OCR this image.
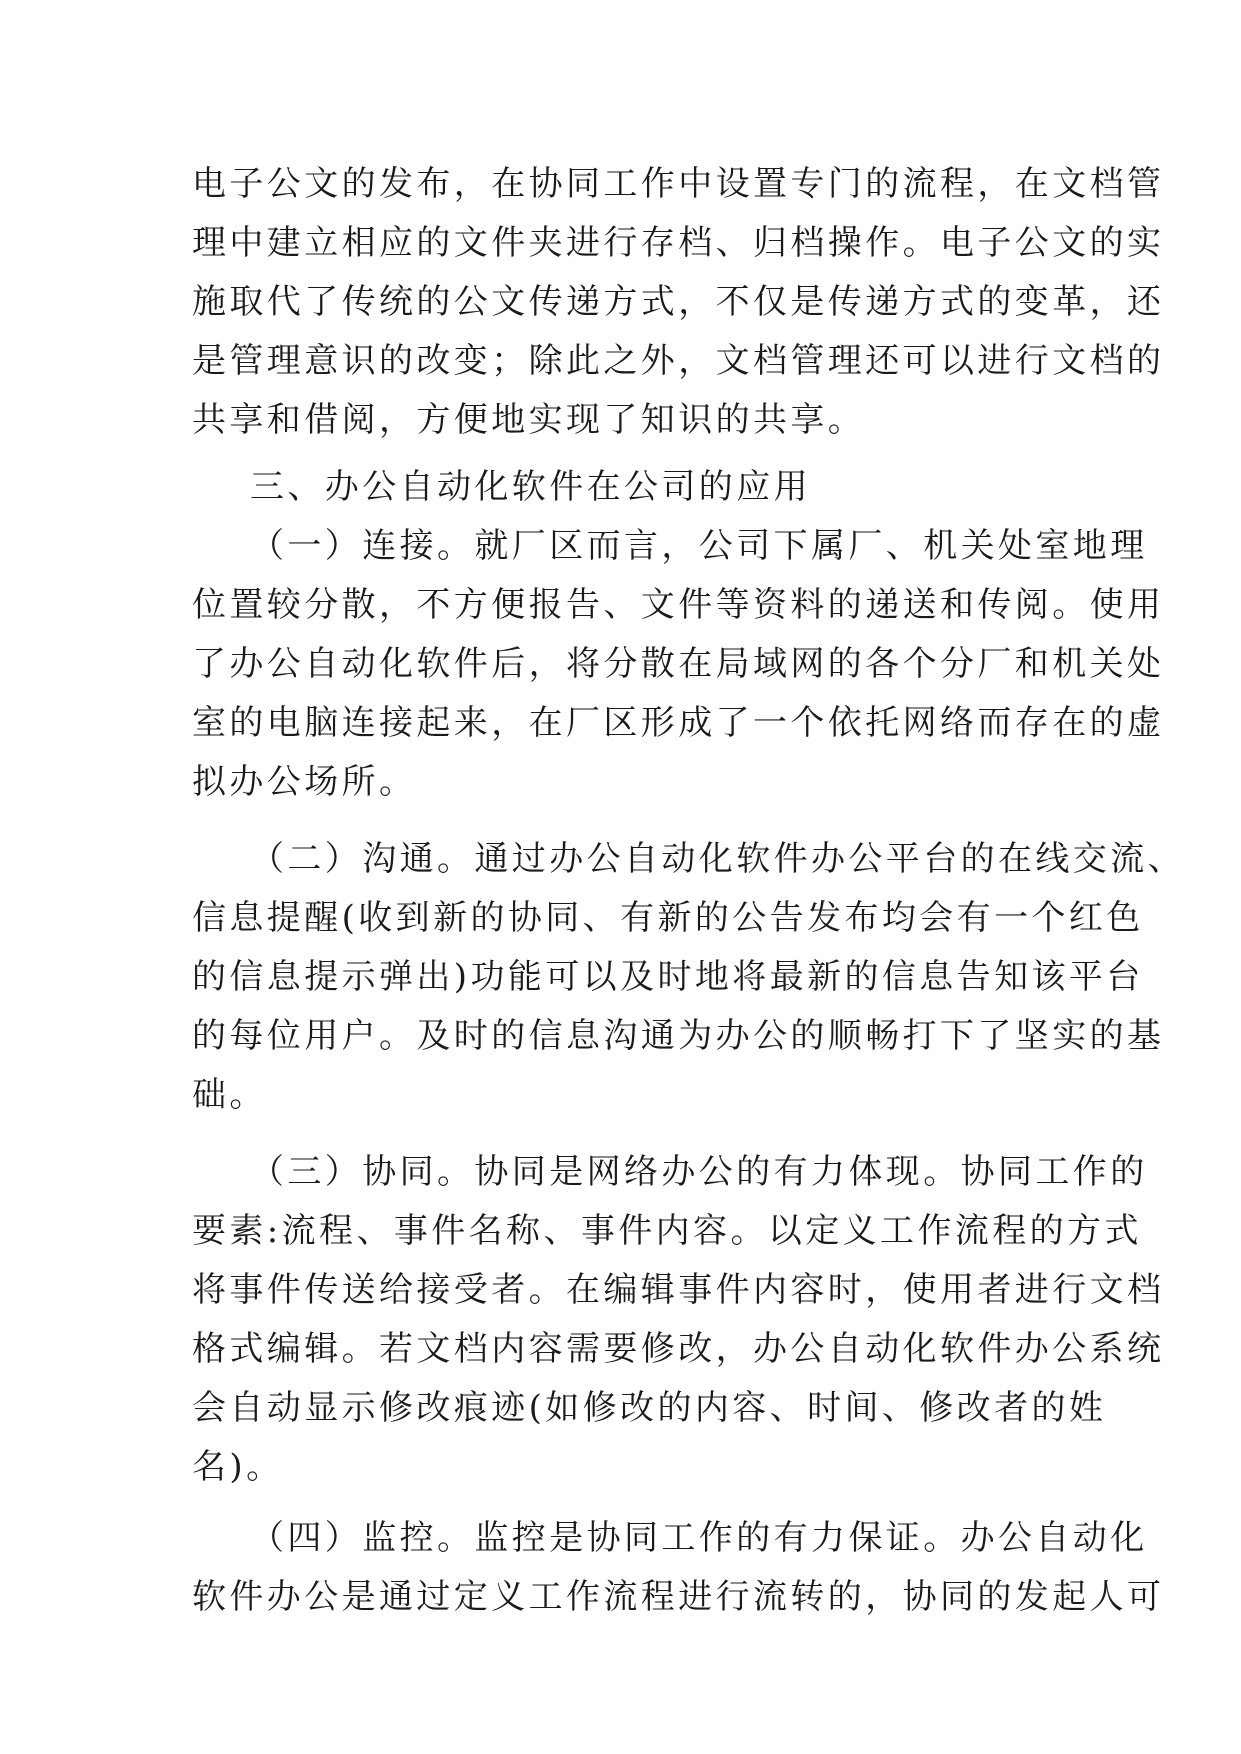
电子公文的发布，在协同工作中设置专门的流程，在文档管
理中建立相应的文件夹进行存档、归档操作。电子公文的实
施取代了传统的公文传递方式，不仅是传递方式的变革，还
是管理意识的改变；除此之外，文档管理还可以进行文档的
共享和借阅，方便地实现了知识的共享。
三、办公自动化软件在公司的应用
（一）连接。就厂区而言，公司下属厂、机关处室地理
位置较分散，不方便报告、文件等资料的递送和传阅。使用
了办公自动化软件后，将分散在局域网的各个分厂和机关处
室的电脑连接起来，在厂区形成了一个依托网络而存在的虚
拟办公场所。
（二）沟通。通过办公自动化软件办公平台的在线交流、
信息提醒(收到新的协同、有新的公告发布均会有一个红色
的信息提示弹出)功能可以及时地将最新的信息告知该平台
的每位用户。及时的信息沟通为办公的顺畅打下了坚实的基
础。
（三）协同。协同是网络办公的有力体现。协同工作的
要素:流程、事件名称、事件内容。以定义工作流程的方式
将事件传送给接受者。在编辑事件内容时，使用者进行文档
格式编辑。若文档内容需要修改，办公自动化软件办公系统
会自动显示修改痕迹(如修改的内容、时间、修改者的姓
名)。
（四）监控。监控是协同工作的有力保证。办公自动化
软件办公是通过定义工作流程进行流转的，协同的发起人可
